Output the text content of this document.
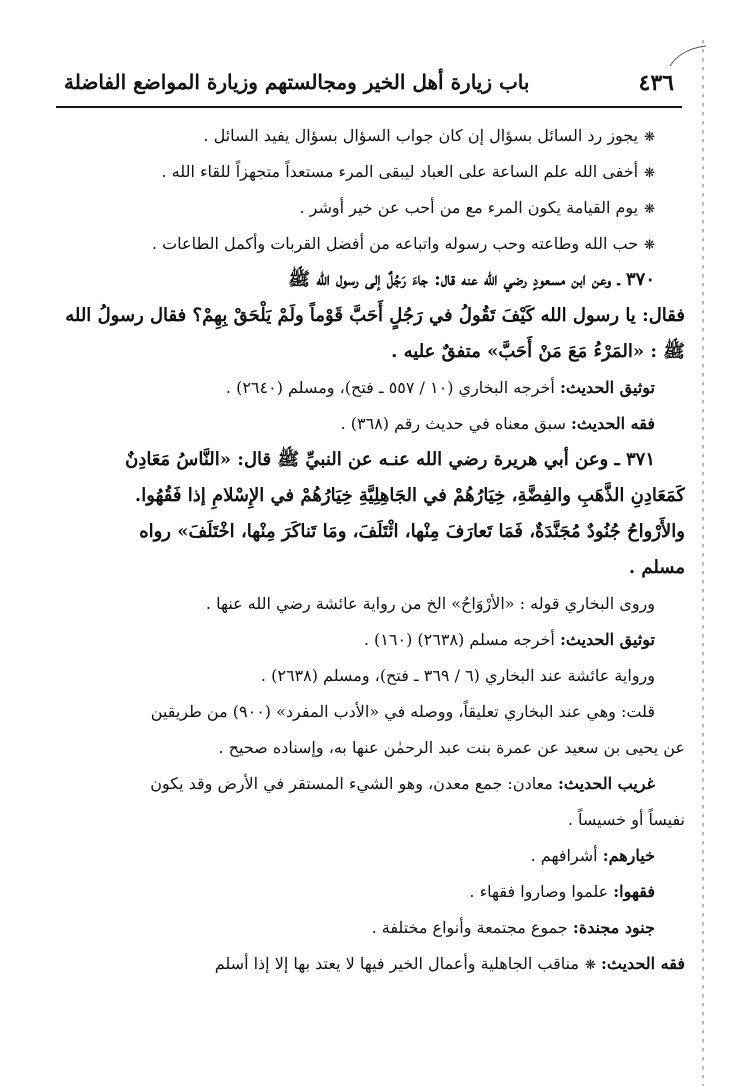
٤٣٦
باب زيارة أهل الخير ومجالستهم وزيارة المواضع الفاضلة
❋يجوز رد السائل بسؤال إن كان جواب السؤال بسؤال يفيد السائل .
❋أخفى الله علم الساعة على العباد ليبقى المرء مستعداً متجهزاً للقاء الله .
❋يوم القيامة يكون المرء مع من أحب عن خير أوشر .
❋حب الله وطاعته وحب رسوله واتباعه من أفضل القربات وأكمل الطاعات .
٣٧٠ ـ وعن ابن مسعودٍ رضي الله عنه قال: جاءَ رَجُلٌ إلى رسول الله ﷺ
فقال: يا رسول الله كَيْفَ تَقُولُ في رَجُلٍ أَحَبَّ قَوْماً ولَمْ يَلْحَقْ بِهِمْ؟ فقال رسولُ الله
ﷺ : «المَرْءُ مَعَ مَنْ أَحَبَّ» متفقٌ عليه .
توثيق الحديث: أخرجه البخاري (١٠ / ٥٥٧ ـ فتح)، ومسلم (٢٦٤٠) .
فقه الحديث: سبق معناه في حديث رقم (٣٦٨) .
٣٧١ ـ وعن أبي هريرة رضي الله عنـه عن النبيِّ ﷺ قال: «النَّاسُ مَعَادِنٌ
كَمَعَادِنِ الذَّهَبِ والفِضَّةِ، خِيَارُهُمْ في الجَاهِلِيَّةِ خِيَارُهُمْ في الإِسْلامِ إذا فَقُهُوا.
والأَرْواحُ جُنُودٌ مُجَنَّدَةٌ، فَمَا تَعارَفَ مِنْها، ائْتَلَفَ، ومَا تَناكَرَ مِنْها، اخْتَلَفَ» رواه
مسلم .
وروى البخاري قوله : «الأرْوَاحُ» الخ من رواية عائشة رضي الله عنها .
توثيق الحديث: أخرجه مسلم (٢٦٣٨) (١٦٠) .
ورواية عائشة عند البخاري (٦ / ٣٦٩ ـ فتح)، ومسلم (٢٦٣٨) .
قلت: وهي عند البخاري تعليقاً، ووصله في «الأدب المفرد» (٩٠٠) من طريقين
عن يحيى بن سعيد عن عمرة بنت عبد الرحمٰن عنها به، وإسناده صحيح .
غريب الحديث: معادن: جمع معدن، وهو الشيء المستقر في الأرض وقد يكون
نفيساً أو خسيساً .
خيارهم: أشرافهم .
فقهوا: علموا وصاروا فقهاء .
جنود مجندة: جموع مجتمعة وأنواع مختلفة .
فقه الحديث: ❋مناقب الجاهلية وأعمال الخير فيها لا يعتد بها إلا إذا أسلم
